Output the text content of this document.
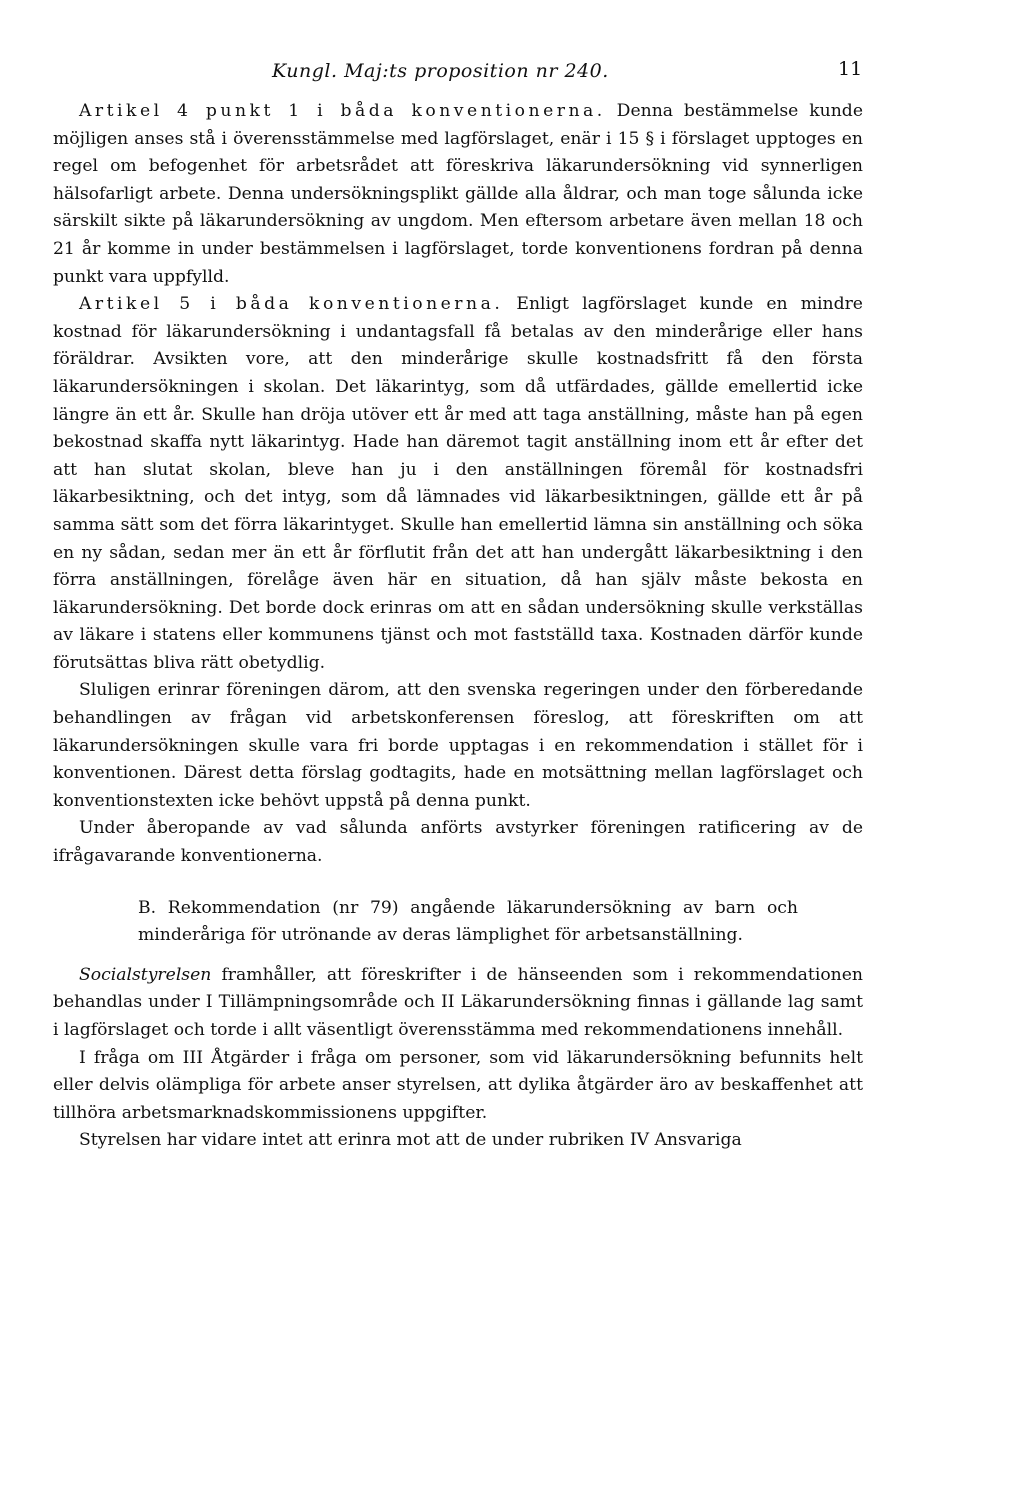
Kungl. Maj:ts proposition nr 240.	11

Artikel 4 punkt 1 i båda konventionerna. Denna bestämmelse kunde möjligen anses stå i överensstämmelse med lagförslaget, enär i 15 § i förslaget upptoges en regel om befogenhet för arbetsrådet att föreskriva läkarundersökning vid synnerligen hälsofarligt arbete. Denna undersökningsplikt gällde alla åldrar, och man toge sålunda icke särskilt sikte på läkarundersökning av ungdom. Men eftersom arbetare även mellan 18 och 21 år komme in under bestämmelsen i lagförslaget, torde konventionens fordran på denna punkt vara uppfylld.

Artikel 5 i båda konventionerna. Enligt lagförslaget kunde en mindre kostnad för läkarundersökning i undantagsfall få betalas av den minderårige eller hans föräldrar. Avsikten vore, att den minderårige skulle kostnadsfritt få den första läkarundersökningen i skolan. Det läkarintyg, som då utfärdades, gällde emellertid icke längre än ett år. Skulle han dröja utöver ett år med att taga anställning, måste han på egen bekostnad skaffa nytt läkarintyg. Hade han däremot tagit anställning inom ett år efter det att han slutat skolan, bleve han ju i den anställningen föremål för kostnadsfri läkarbesiktning, och det intyg, som då lämnades vid läkarbesiktningen, gällde ett år på samma sätt som det förra läkarintyget. Skulle han emellertid lämna sin anställning och söka en ny sådan, sedan mer än ett år förflutit från det att han undergått läkarbesiktning i den förra anställningen, förelåge även här en situation, då han själv måste bekosta en läkarundersökning. Det borde dock erinras om att en sådan undersökning skulle verkställas av läkare i statens eller kommunens tjänst och mot fastställd taxa. Kostnaden därför kunde förutsättas bliva rätt obetydlig.

Sluligen erinrar föreningen därom, att den svenska regeringen under den förberedande behandlingen av frågan vid arbetskonferensen föreslog, att föreskriften om att läkarundersökningen skulle vara fri borde upptagas i en rekommendation i stället för i konventionen. Därest detta förslag godtagits, hade en motsättning mellan lagförslaget och konventionstexten icke behövt uppstå på denna punkt.

Under åberopande av vad sålunda anförts avstyrker föreningen ratificering av de ifrågavarande konventionerna.

B. Rekommendation (nr 79) angående läkarundersökning av barn och minderåriga för utrönande av deras lämplighet för arbetsanställning.

Socialstyrelsen framhåller, att föreskrifter i de hänseenden som i rekommendationen behandlas under I Tillämpningsområde och II Läkarundersökning finnas i gällande lag samt i lagförslaget och torde i allt väsentligt överensstämma med rekommendationens innehåll.

I fråga om III Åtgärder i fråga om personer, som vid läkarundersökning befunnits helt eller delvis olämpliga för arbete anser styrelsen, att dylika åtgärder äro av beskaffenhet att tillhöra arbetsmarknadskommissionens uppgifter.

Styrelsen har vidare intet att erinra mot att de under rubriken IV Ansvariga
